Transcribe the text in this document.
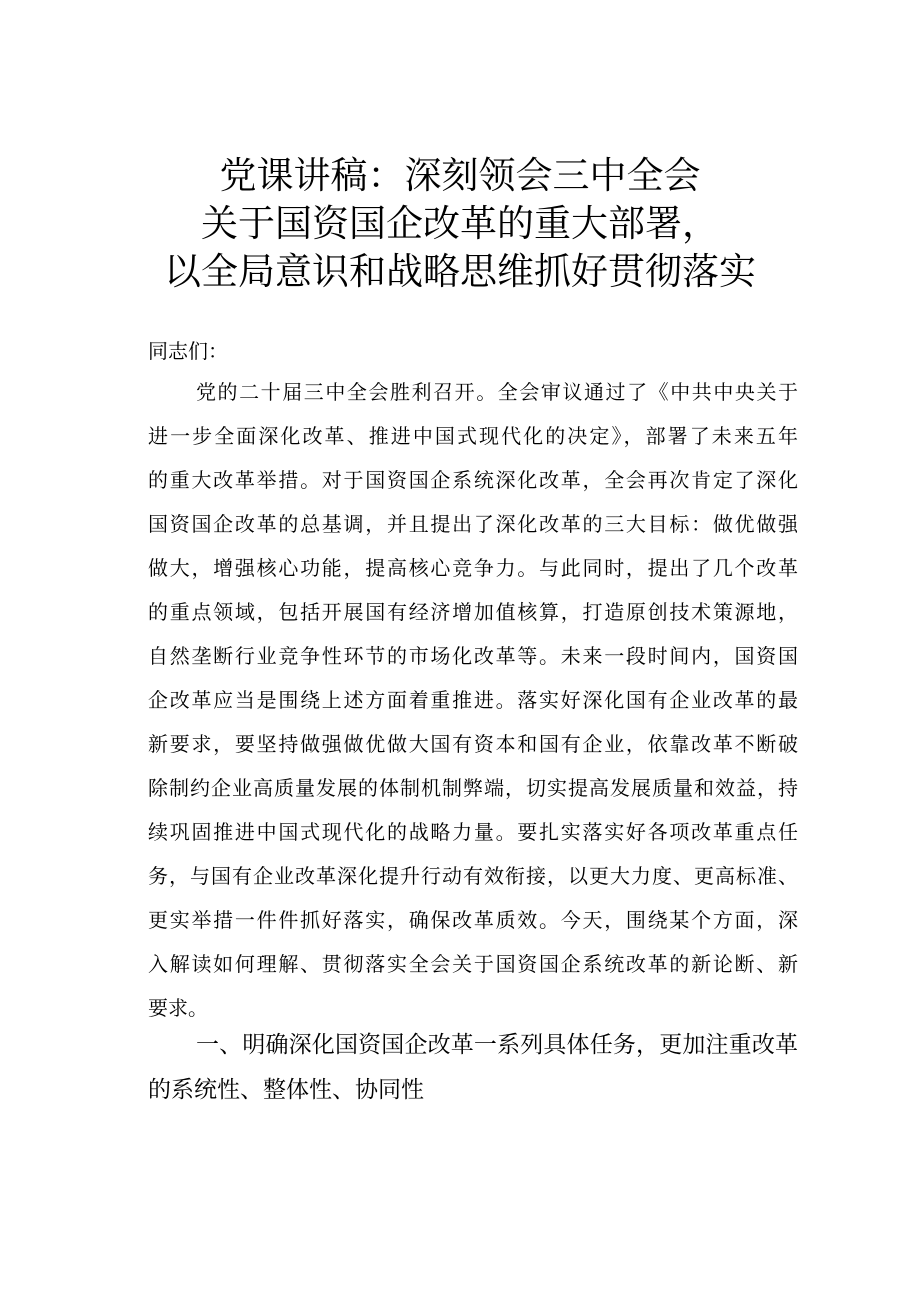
党课讲稿：深刻领会三中全会
关于国资国企改革的重大部署，
以全局意识和战略思维抓好贯彻落实
同志们：
党的二十届三中全会胜利召开。全会审议通过了《中共中央关于
进一步全面深化改革、推进中国式现代化的决定》，部署了未来五年
的重大改革举措。对于国资国企系统深化改革，全会再次肯定了深化
国资国企改革的总基调，并且提出了深化改革的三大目标：做优做强
做大，增强核心功能，提高核心竞争力。与此同时，提出了几个改革
的重点领域，包括开展国有经济增加值核算，打造原创技术策源地，
自然垄断行业竞争性环节的市场化改革等。未来一段时间内，国资国
企改革应当是围绕上述方面着重推进。落实好深化国有企业改革的最
新要求，要坚持做强做优做大国有资本和国有企业，依靠改革不断破
除制约企业高质量发展的体制机制弊端，切实提高发展质量和效益，持
续巩固推进中国式现代化的战略力量。要扎实落实好各项改革重点任
务，与国有企业改革深化提升行动有效衔接，以更大力度、更高标准、
更实举措一件件抓好落实，确保改革质效。今天，围绕某个方面，深
入解读如何理解、贯彻落实全会关于国资国企系统改革的新论断、新
要求。
一、明确深化国资国企改革一系列具体任务，更加注重改革
的系统性、整体性、协同性
